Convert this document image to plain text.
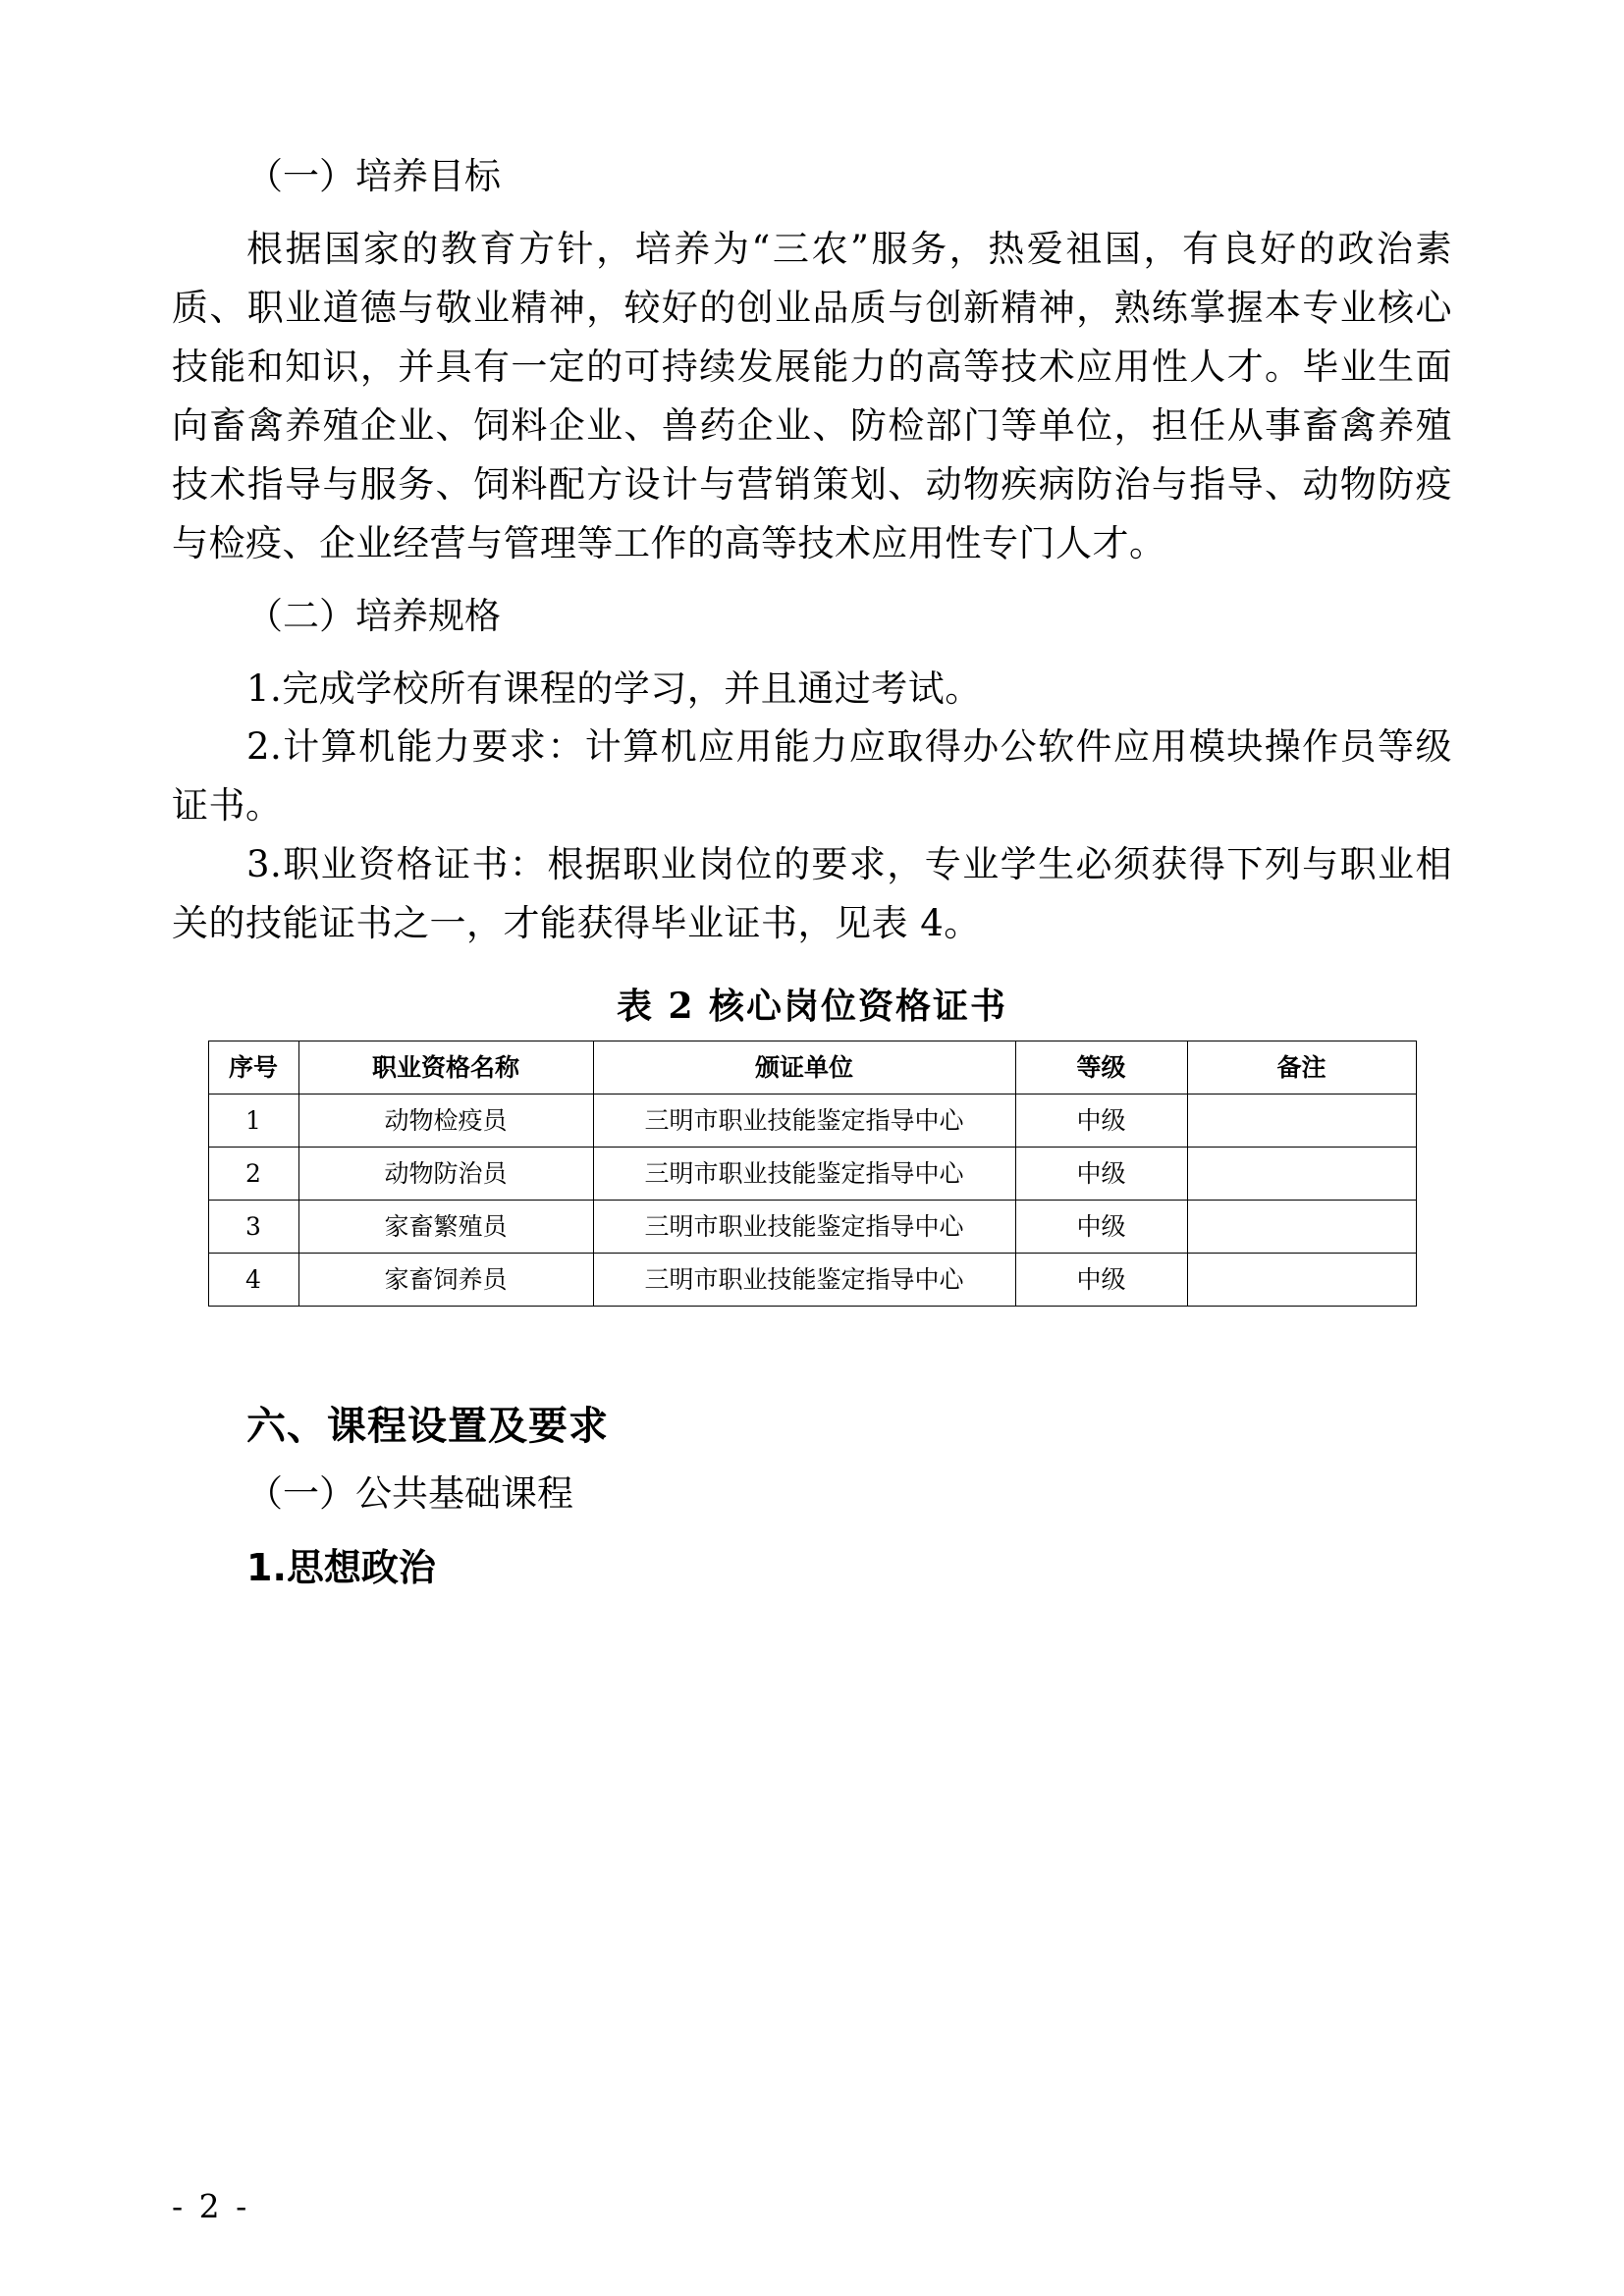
（一）培养目标

根据国家的教育方针，培养为“三农”服务，热爱祖国，有良好的政治素质、职业道德与敬业精神，较好的创业品质与创新精神，熟练掌握本专业核心技能和知识，并具有一定的可持续发展能力的高等技术应用性人才。毕业生面向畜禽养殖企业、饲料企业、兽药企业、防检部门等单位，担任从事畜禽养殖技术指导与服务、饲料配方设计与营销策划、动物疾病防治与指导、动物防疫与检疫、企业经营与管理等工作的高等技术应用性专门人才。

（二）培养规格

1.完成学校所有课程的学习，并且通过考试。

2.计算机能力要求：计算机应用能力应取得办公软件应用模块操作员等级证书。

3.职业资格证书：根据职业岗位的要求，专业学生必须获得下列与职业相关的技能证书之一，才能获得毕业证书，见表 4。

表 2 核心岗位资格证书
序号	职业资格名称	颁证单位	等级	备注
1	动物检疫员	三明市职业技能鉴定指导中心	中级	
2	动物防治员	三明市职业技能鉴定指导中心	中级	
3	家畜繁殖员	三明市职业技能鉴定指导中心	中级	
4	家畜饲养员	三明市职业技能鉴定指导中心	中级	

六、课程设置及要求

（一）公共基础课程

1.思想政治

- 2 -
